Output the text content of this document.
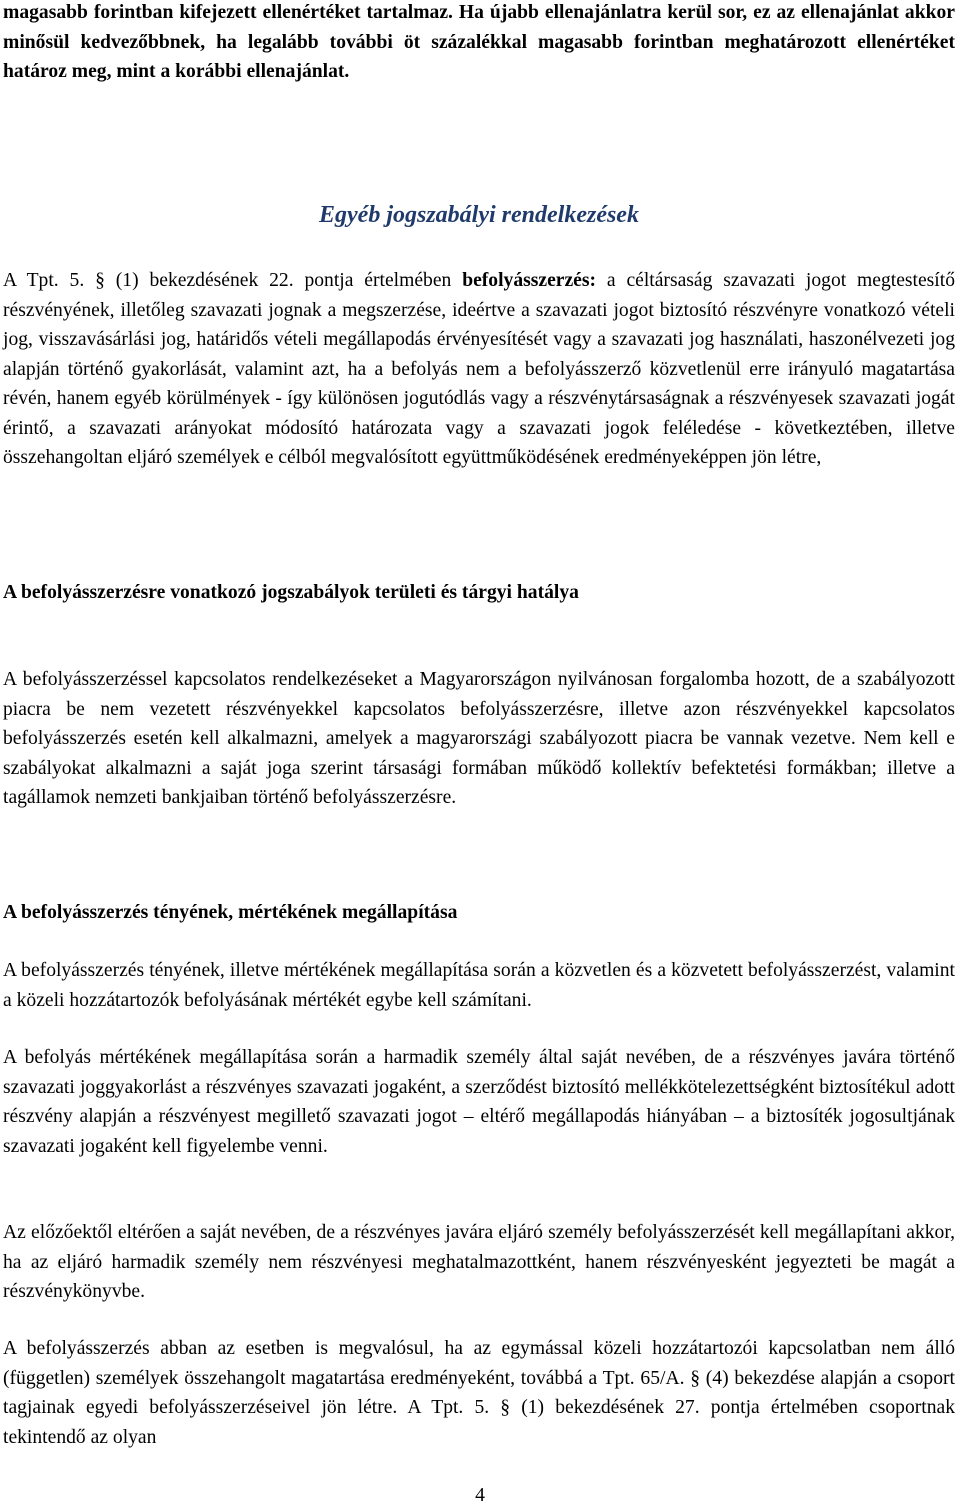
magasabb forintban kifejezett ellenértéket tartalmaz. Ha újabb ellenajánlatra kerül sor, ez az ellenajánlat akkor minősül kedvezőbbnek, ha legalább további öt százalékkal magasabb forintban meghatározott ellenértéket határoz meg, mint a korábbi ellenajánlat.

Egyéb jogszabályi rendelkezések

A Tpt. 5. § (1) bekezdésének 22. pontja értelmében befolyásszerzés: a céltársaság szavazati jogot megtestesítő részvényének, illetőleg szavazati jognak a megszerzése, ideértve a szavazati jogot biztosító részvényre vonatkozó vételi jog, visszavásárlási jog, határidős vételi megállapodás érvényesítését vagy a szavazati jog használati, haszonélvezeti jog alapján történő gyakorlását, valamint azt, ha a befolyás nem a befolyásszerző közvetlenül erre irányuló magatartása révén, hanem egyéb körülmények - így különösen jogutódlás vagy a részvénytársaságnak a részvényesek szavazati jogát érintő, a szavazati arányokat módosító határozata vagy a szavazati jogok feléledése - következtében, illetve összehangoltan eljáró személyek e célból megvalósított együttműködésének eredményeképpen jön létre,

A befolyásszerzésre vonatkozó jogszabályok területi és tárgyi hatálya

A befolyásszerzéssel kapcsolatos rendelkezéseket a Magyarországon nyilvánosan forgalomba hozott, de a szabályozott piacra be nem vezetett részvényekkel kapcsolatos befolyásszerzésre, illetve azon részvényekkel kapcsolatos befolyásszerzés esetén kell alkalmazni, amelyek a magyarországi szabályozott piacra be vannak vezetve. Nem kell e szabályokat alkalmazni a saját joga szerint társasági formában működő kollektív befektetési formákban; illetve a tagállamok nemzeti bankjaiban történő befolyásszerzésre.

A befolyásszerzés tényének, mértékének megállapítása

A befolyásszerzés tényének, illetve mértékének megállapítása során a közvetlen és a közvetett befolyásszerzést, valamint a közeli hozzátartozók befolyásának mértékét egybe kell számítani.

A befolyás mértékének megállapítása során a harmadik személy által saját nevében, de a részvényes javára történő szavazati joggyakorlást a részvényes szavazati jogaként, a szerződést biztosító mellékkötelezettségként biztosítékul adott részvény alapján a részvényest megillető szavazati jogot – eltérő megállapodás hiányában – a biztosíték jogosultjának szavazati jogaként kell figyelembe venni.

Az előzőektől eltérően a saját nevében, de a részvényes javára eljáró személy befolyásszerzését kell megállapítani akkor, ha az eljáró harmadik személy nem részvényesi meghatalmazottként, hanem részvényesként jegyezteti be magát a részvénykönyvbe.

A befolyásszerzés abban az esetben is megvalósul, ha az egymással közeli hozzátartozói kapcsolatban nem álló (független) személyek összehangolt magatartása eredményeként, továbbá a Tpt. 65/A. § (4) bekezdése alapján a csoport tagjainak egyedi befolyásszerzéseivel jön létre. A Tpt. 5. § (1) bekezdésének 27. pontja értelmében csoportnak tekintendő az olyan

4
